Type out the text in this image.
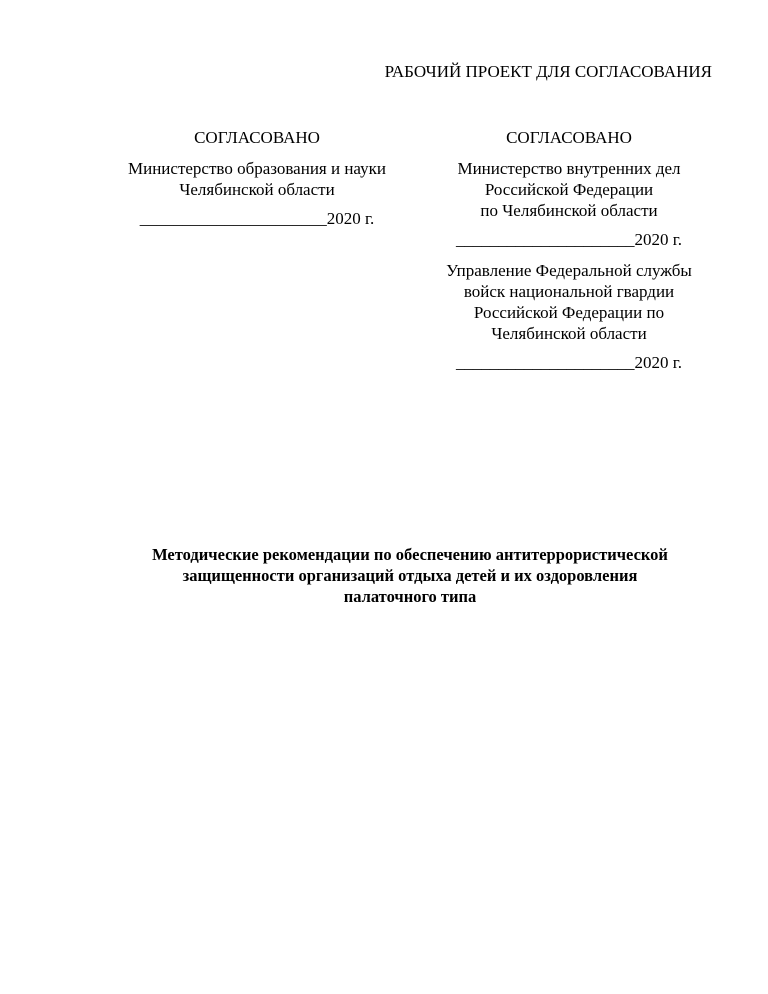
РАБОЧИЙ ПРОЕКТ ДЛЯ СОГЛАСОВАНИЯ
СОГЛАСОВАНО
Министерство образования и науки
Челябинской области
______________________2020 г.
СОГЛАСОВАНО
Министерство внутренних дел
Российской Федерации
по Челябинской области
_____________________2020 г.
Управление Федеральной службы
войск национальной гвардии
Российской Федерации по
Челябинской области
_____________________2020 г.
Методические рекомендации по обеспечению антитеррористической
защищенности организаций отдыха детей и их оздоровления
палаточного типа
